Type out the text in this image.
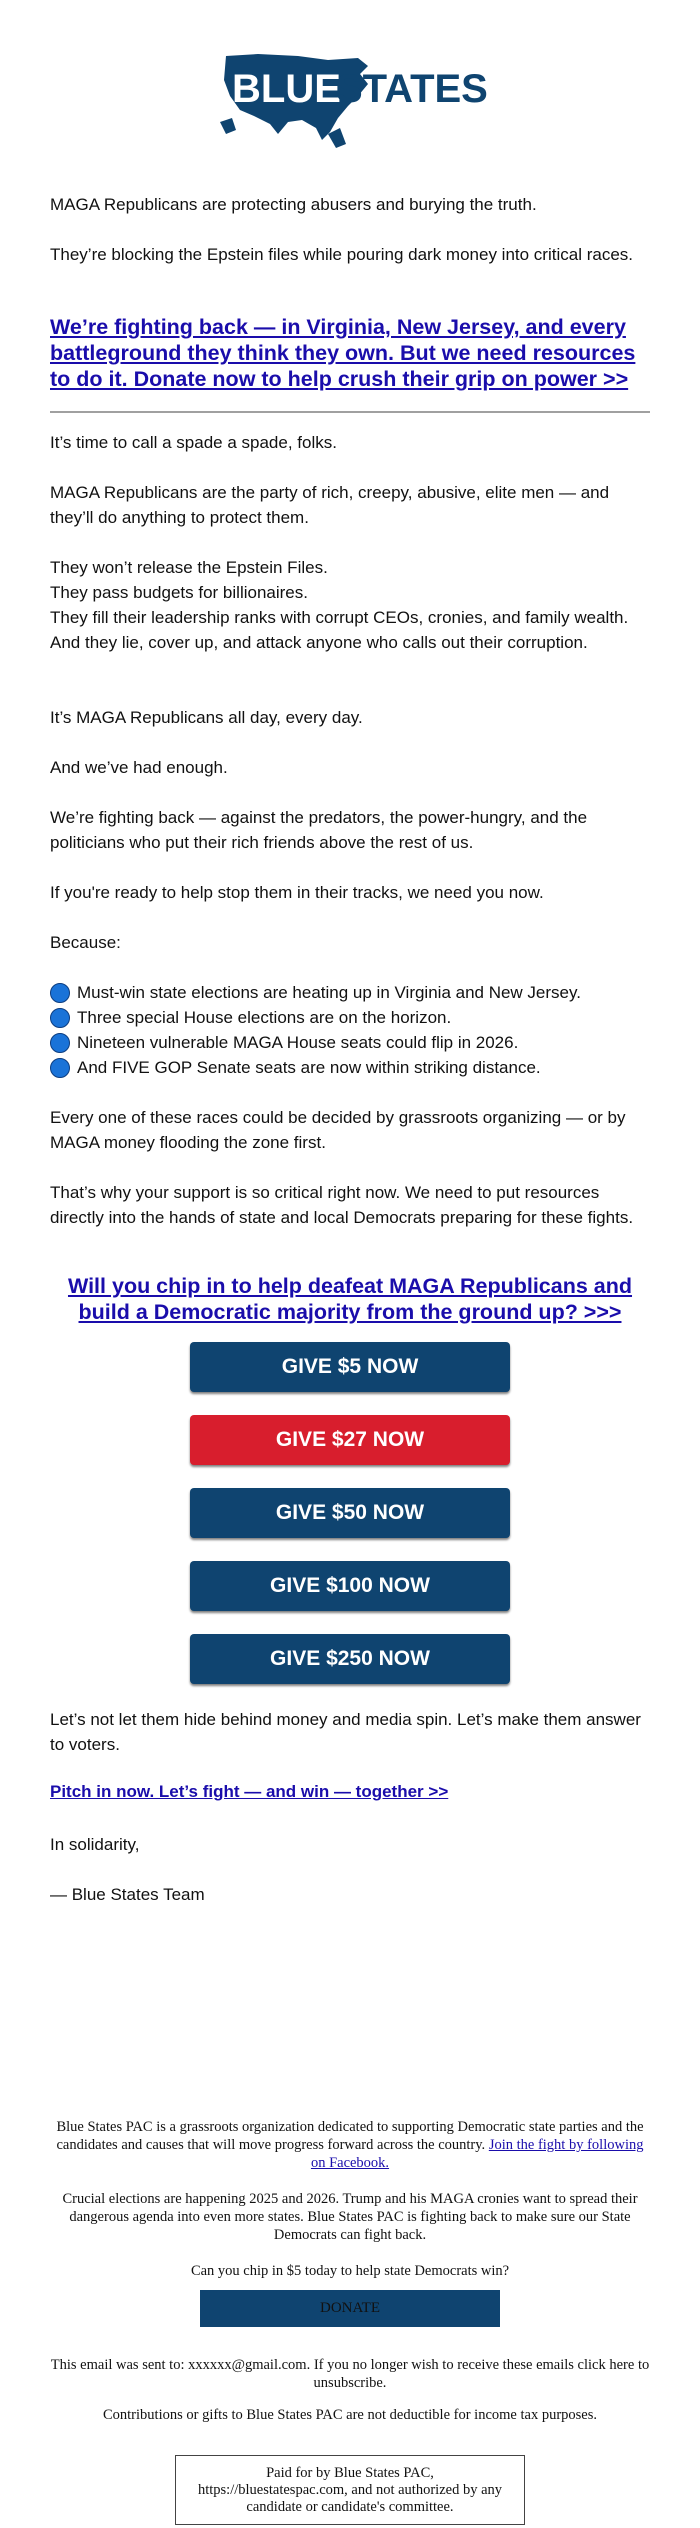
BLUE
STATES

MAGA Republicans are protecting abusers and burying the truth.

They’re blocking the Epstein files while pouring dark money into critical races.

We’re fighting back — in Virginia, New Jersey, and every battleground they think they own. But we need resources to do it. Donate now to help crush their grip on power >>

It’s time to call a spade a spade, folks.

MAGA Republicans are the party of rich, creepy, abusive, elite men — and they’ll do anything to protect them.

They won’t release the Epstein Files.

They pass budgets for billionaires.

They fill their leadership ranks with corrupt CEOs, cronies, and family wealth.

And they lie, cover up, and attack anyone who calls out their corruption.

It’s MAGA Republicans all day, every day.

And we’ve had enough.

We’re fighting back — against the predators, the power-hungry, and the politicians who put their rich friends above the rest of us.

If you're ready to help stop them in their tracks, we need you now.

Because:

Must-win state elections are heating up in Virginia and New Jersey.
Three special House elections are on the horizon.
Nineteen vulnerable MAGA House seats could flip in 2026.
And FIVE GOP Senate seats are now within striking distance.

Every one of these races could be decided by grassroots organizing — or by MAGA money flooding the zone first.

That’s why your support is so critical right now. We need to put resources directly into the hands of state and local Democrats preparing for these fights.

Will you chip in to help deafeat MAGA Republicans and build a Democratic majority from the ground up? >>>
GIVE $5 NOW
GIVE $27 NOW
GIVE $50 NOW
GIVE $100 NOW
GIVE $250 NOW

Let’s not let them hide behind money and media spin. Let’s make them answer to voters.

Pitch in now. Let’s fight — and win — together >>

In solidarity,

— Blue States Team

Blue States PAC is a grassroots organization dedicated to supporting Democratic state parties and the candidates and causes that will move progress forward across the country. Join the fight by following on Facebook.

Crucial elections are happening 2025 and 2026. Trump and his MAGA cronies want to spread their dangerous agenda into even more states. Blue States PAC is fighting back to make sure our State Democrats can fight back.

Can you chip in $5 today to help state Democrats win?

DONATE

This email was sent to: xxxxxx@gmail.com. If you no longer wish to receive these emails click here to unsubscribe.

Contributions or gifts to Blue States PAC are not deductible for income tax purposes.

Paid for by Blue States PAC, https://bluestatespac.com, and not authorized by any candidate or candidate's committee.
